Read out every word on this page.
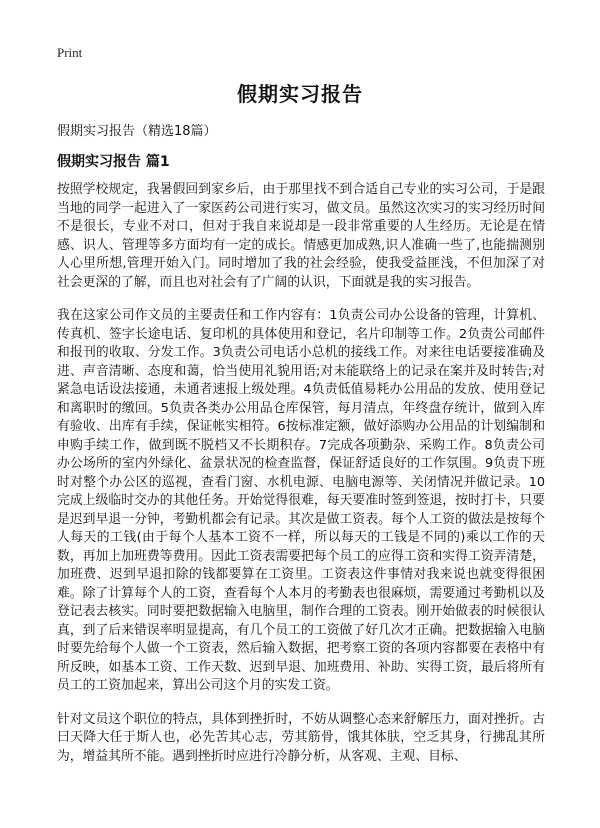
Print
假期实习报告

假期实习报告（精选18篇）

假期实习报告 篇1

按照学校规定，我暑假回到家乡后，由于那里找不到合适自己专业的实习公司，于是跟当地的同学一起进入了一家医药公司进行实习，做文员。虽然这次实习的实习经历时间不是很长，专业不对口，但对于我自来说却是一段非常重要的人生经历。无论是在情感、识人、管理等多方面均有一定的成长。情感更加成熟,识人准确一些了,也能揣测别人心里所想,管理开始入门。同时增加了我的社会经验，使我受益匪浅，不但加深了对社会更深的了解，而且也对社会有了广阔的认识，下面就是我的实习报告。

我在这家公司作文员的主要责任和工作内容有：1负责公司办公设备的管理，计算机、传真机、签字长途电话、复印机的具体使用和登记，名片印制等工作。2负责公司邮件和报刊的收取、分发工作。3负责公司电话小总机的接线工作。对来往电话要接准确及进、声音清晰、态度和蔼，恰当使用礼貌用语;对未能联络上的记录在案并及时转告;对紧急电话设法接通，未通者速报上级处理。4负责低值易耗办公用品的发放、使用登记和离职时的缴回。5负责各类办公用品仓库保管，每月清点，年终盘存统计，做到入库有验收、出库有手续，保证帐实相符。6按标准定额，做好添购办公用品的计划编制和申购手续工作，做到既不脱档又不长期积存。7完成各项勤杂、采购工作。8负责公司办公场所的室内外绿化、盆景状况的检查监督，保证舒适良好的工作氛围。9负责下班时对整个办公区的巡视，查看门窗、水机电源、电脑电源等、关闭情况并做记录。10完成上级临时交办的其他任务。开始觉得很难，每天要准时签到签退，按时打卡，只要是迟到早退一分钟，考勤机都会有记录。其次是做工资表。每个人工资的做法是按每个人每天的工钱(由于每个人基本工资不一样，所以每天的工钱是不同的)乘以工作的天数，再加上加班费等费用。因此工资表需要把每个员工的应得工资和实得工资弄清楚，加班费、迟到早退扣除的钱都要算在工资里。工资表这件事情对我来说也就变得很困难。除了计算每个人的工资，查看每个人本月的考勤表也很麻烦，需要通过考勤机以及登记表去核实。同时要把数据输入电脑里，制作合理的工资表。刚开始做表的时候很认真，到了后来错误率明显提高，有几个员工的工资做了好几次才正确。把数据输入电脑时要先给每个人做一个工资表，然后输入数据，把考察工资的各项内容都要在表格中有所反映，如基本工资、工作天数、迟到早退、加班费用、补助、实得工资，最后将所有员工的工资加起来，算出公司这个月的实发工资。

针对文员这个职位的特点，具体到挫折时，不妨从调整心态来舒解压力，面对挫折。古曰天降大任于斯人也，必先苦其心志，劳其筋骨，饿其体肤，空乏其身，行拂乱其所为，增益其所不能。遇到挫折时应进行冷静分析，从客观、主观、目标、
